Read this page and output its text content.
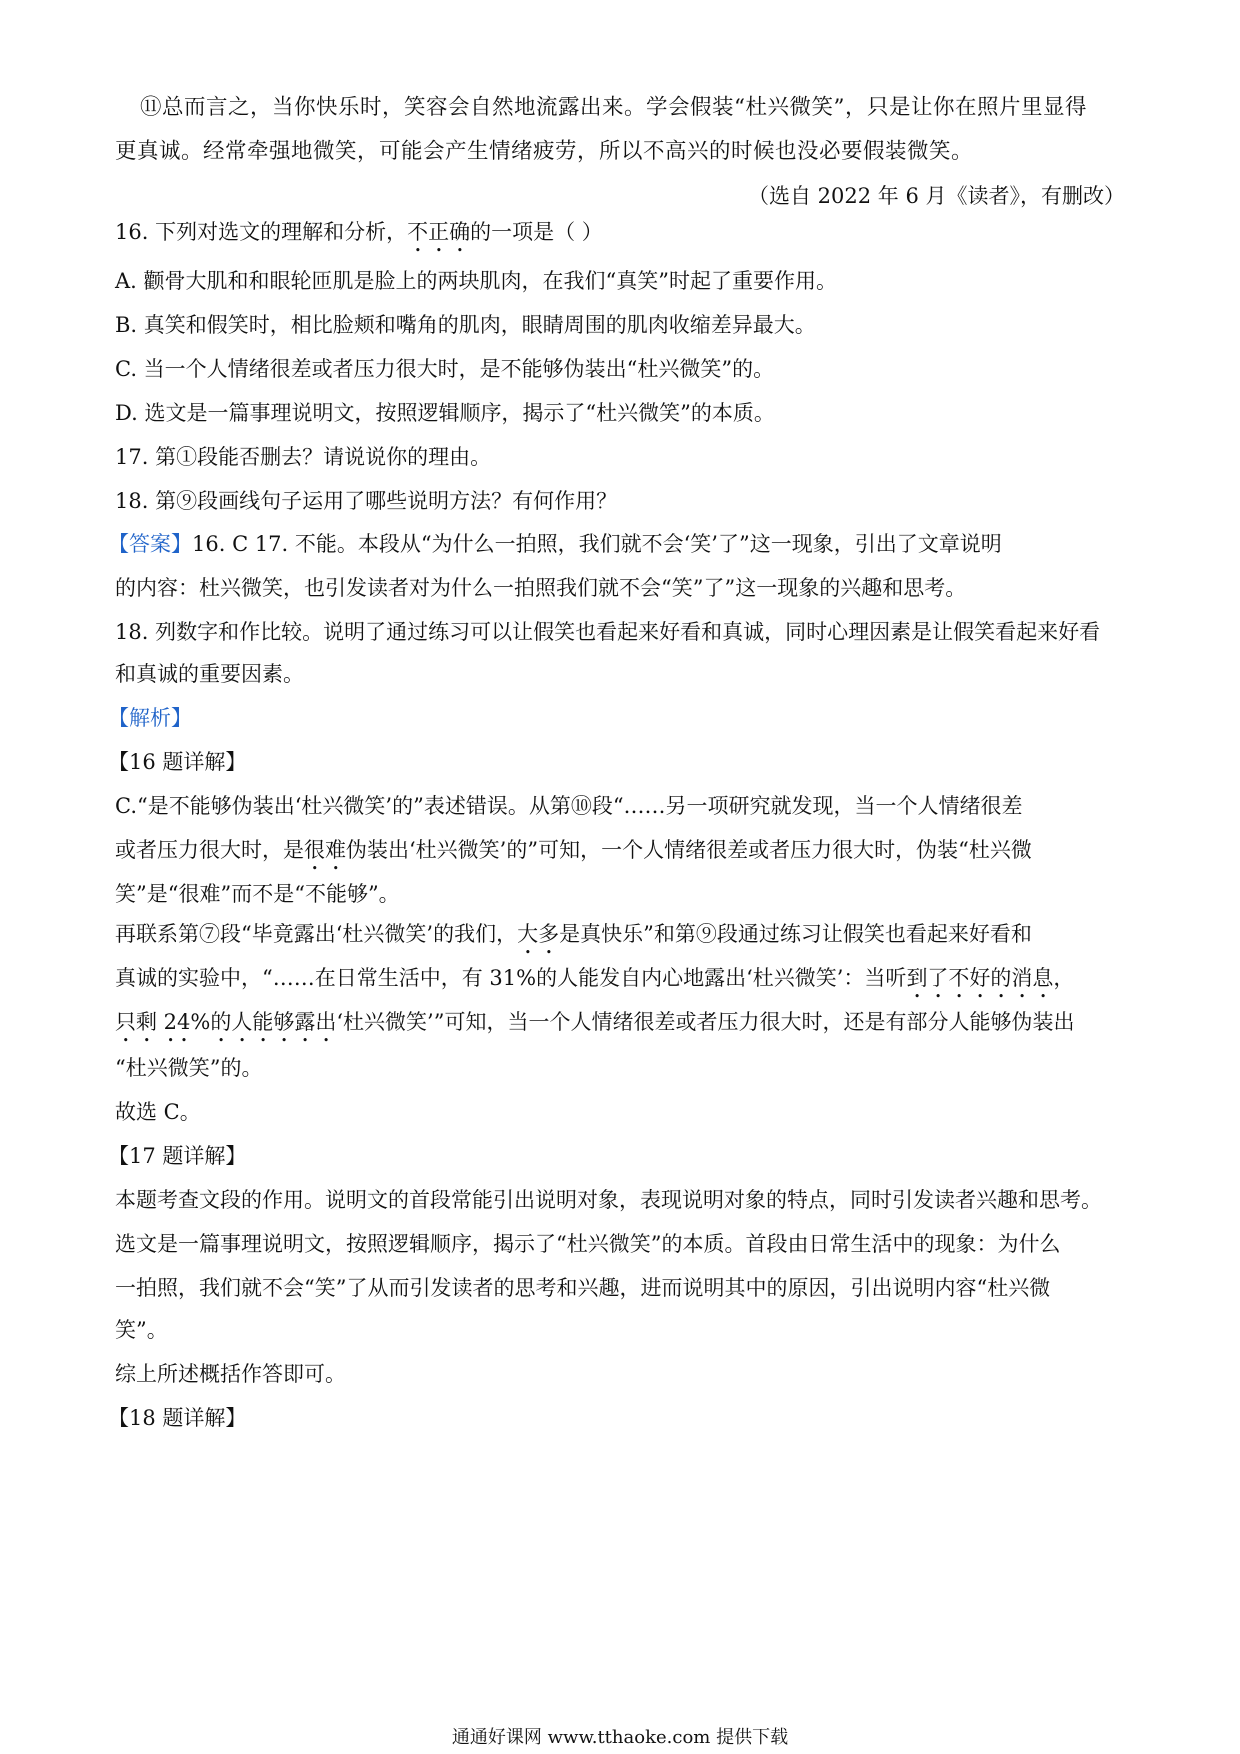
⑪总而言之，当你快乐时，笑容会自然地流露出来。学会假装“杜兴微笑”，只是让你在照片里显得
更真诚。经常牵强地微笑，可能会产生情绪疲劳，所以不高兴的时候也没必要假装微笑。
（选自 2022 年 6 月《读者》，有删改）
16. 下列对选文的理解和分析，不正确的一项是（ ）
A. 颧骨大肌和和眼轮匝肌是脸上的两块肌肉，在我们“真笑”时起了重要作用。
B. 真笑和假笑时，相比脸颊和嘴角的肌肉，眼睛周围的肌肉收缩差异最大。
C. 当一个人情绪很差或者压力很大时，是不能够伪装出“杜兴微笑”的。
D. 选文是一篇事理说明文，按照逻辑顺序，揭示了“杜兴微笑”的本质。
17. 第①段能否删去？请说说你的理由。
18. 第⑨段画线句子运用了哪些说明方法？有何作用？
【答案】16. C 17. 不能。本段从“为什么一拍照，我们就不会‘笑’了”这一现象，引出了文章说明
的内容：杜兴微笑，也引发读者对为什么一拍照我们就不会“笑”了”这一现象的兴趣和思考。
18. 列数字和作比较。说明了通过练习可以让假笑也看起来好看和真诚，同时心理因素是让假笑看起来好看
和真诚的重要因素。
【解析】
【16 题详解】
C.“是不能够伪装出‘杜兴微笑’的”表述错误。从第⑩段“……另一项研究就发现，当一个人情绪很差
或者压力很大时，是很难伪装出‘杜兴微笑’的”可知，一个人情绪很差或者压力很大时，伪装“杜兴微
笑”是“很难”而不是“不能够”。
再联系第⑦段“毕竟露出‘杜兴微笑’的我们，大多是真快乐”和第⑨段通过练习让假笑也看起来好看和
真诚的实验中，“……在日常生活中，有 31%的人能发自内心地露出‘杜兴微笑’：当听到了不好的消息，
只剩 24%的人能够露出‘杜兴微笑’”可知，当一个人情绪很差或者压力很大时，还是有部分人能够伪装出
“杜兴微笑”的。
故选 C。
【17 题详解】
本题考查文段的作用。说明文的首段常能引出说明对象，表现说明对象的特点，同时引发读者兴趣和思考。
选文是一篇事理说明文，按照逻辑顺序，揭示了“杜兴微笑”的本质。首段由日常生活中的现象：为什么
一拍照，我们就不会“笑”了从而引发读者的思考和兴趣，进而说明其中的原因，引出说明内容“杜兴微
笑”。
综上所述概括作答即可。
【18 题详解】
通通好课网 www.tthaoke.com 提供下载
